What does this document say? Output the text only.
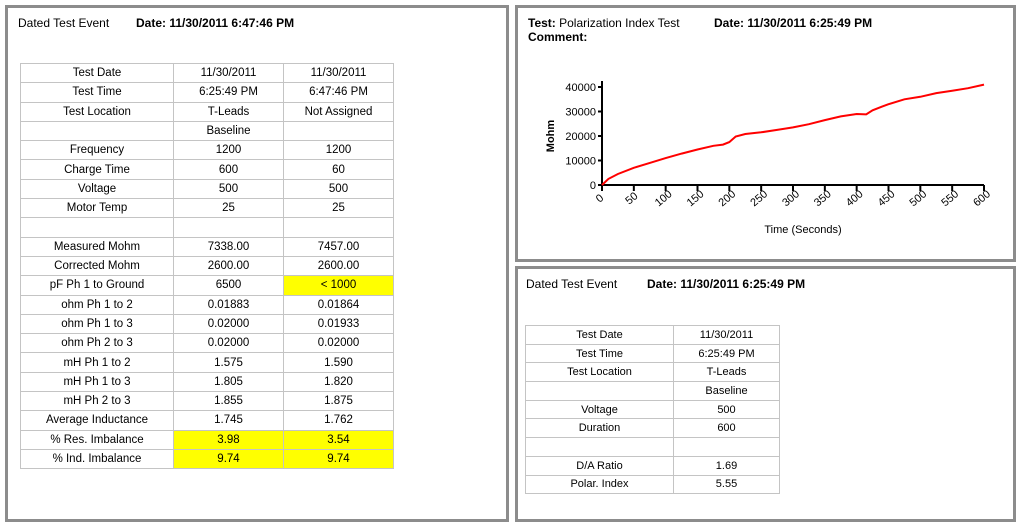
Dated Test Event Date: 11/30/2011 6:47:46 PM
Test Date	11/30/2011	11/30/2011
Test Time	6:25:49 PM	6:47:46 PM
Test Location	T-Leads	Not Assigned
	Baseline	
Frequency	1200	1200
Charge Time	600	60
Voltage	500	500
Motor Temp	25	25

Measured Mohm	7338.00	7457.00
Corrected Mohm	2600.00	2600.00
pF Ph 1 to Ground	6500	< 1000
ohm Ph 1 to 2	0.01883	0.01864
ohm Ph 1 to 3	0.02000	0.01933
ohm Ph 2 to 3	0.02000	0.02000
mH Ph 1 to 2	1.575	1.590
mH Ph 1 to 3	1.805	1.820
mH Ph 2 to 3	1.855	1.875
Average Inductance	1.745	1.762
% Res. Imbalance	3.98	3.54
% Ind. Imbalance	9.74	9.74
Test: Polarization Index Test	Date: 11/30/2011 6:25:49 PM
Comment:
0
10000
20000
30000
40000
0 50 100 150 200 250 300 350 400 450 500 550 600
Time (Seconds)
Mohm
Dated Test Event Date: 11/30/2011 6:25:49 PM
Test Date	11/30/2011
Test Time	6:25:49 PM
Test Location	T-Leads
	Baseline
Voltage	500
Duration	600

D/A Ratio	1.69
Polar. Index	5.55
